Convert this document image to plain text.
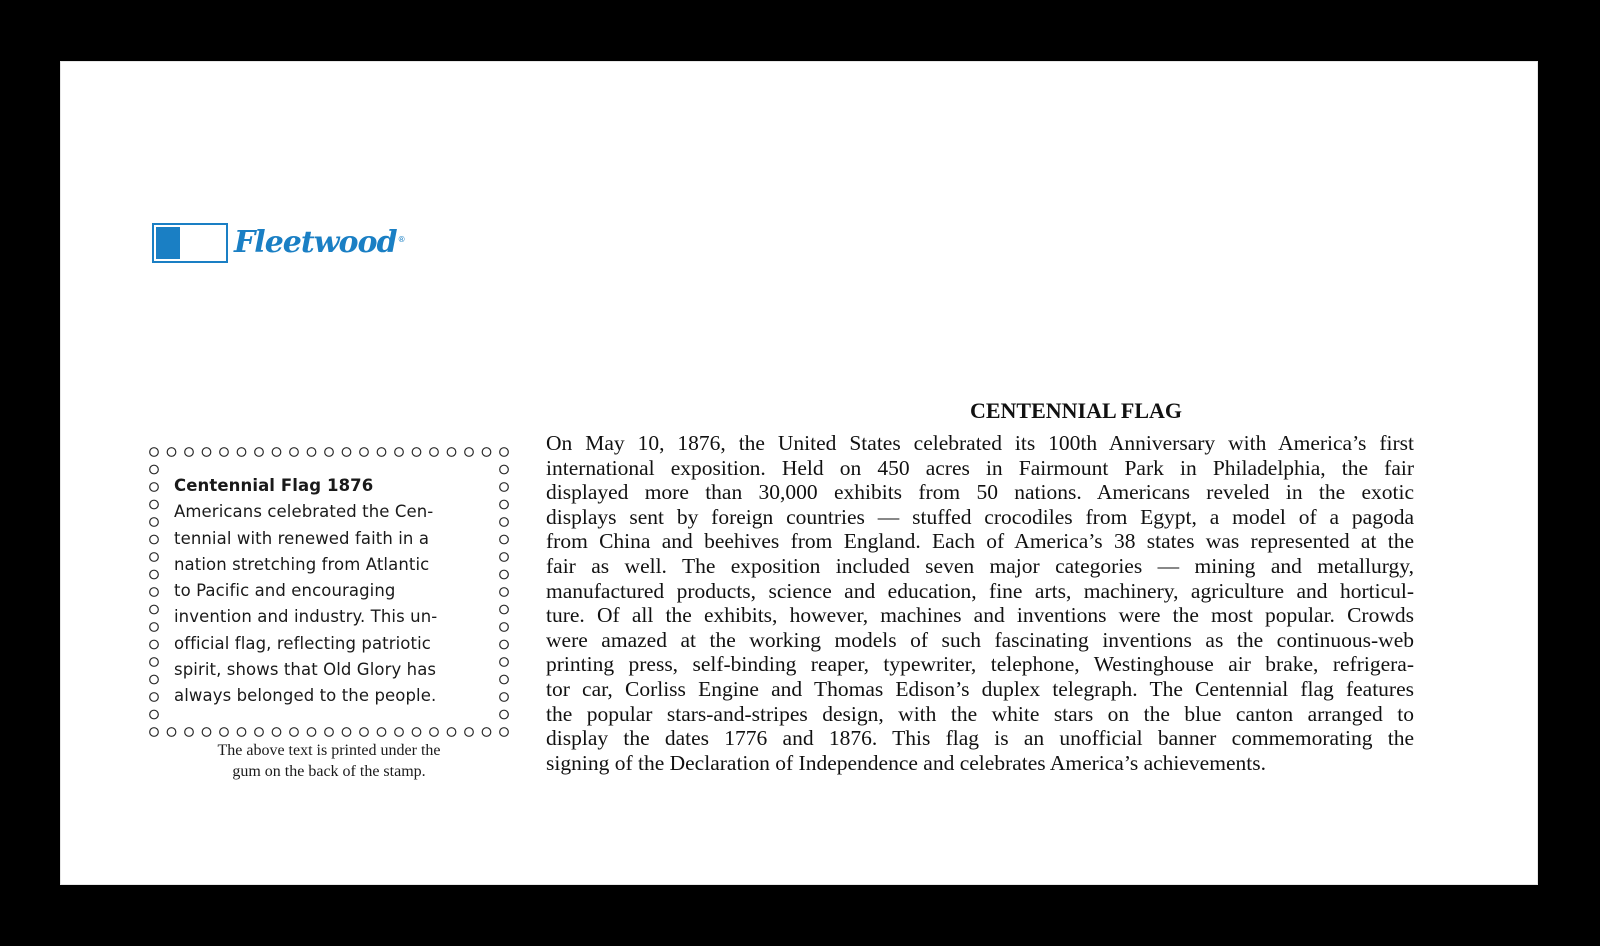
Fleetwood ®
Centennial Flag 1876
Americans celebrated the Cen-
tennial with renewed faith in a
nation stretching from Atlantic
to Pacific and encouraging
invention and industry. This un-
official flag, reflecting patriotic
spirit, shows that Old Glory has
always belonged to the people.
The above text is printed under the
gum on the back of the stamp.
CENTENNIAL FLAG
On May 10, 1876, the United States celebrated its 100th Anniversary with America’s first
international exposition. Held on 450 acres in Fairmount Park in Philadelphia, the fair
displayed more than 30,000 exhibits from 50 nations. Americans reveled in the exotic
displays sent by foreign countries — stuffed crocodiles from Egypt, a model of a pagoda
from China and beehives from England. Each of America’s 38 states was represented at the
fair as well. The exposition included seven major categories — mining and metallurgy,
manufactured products, science and education, fine arts, machinery, agriculture and horticul-
ture. Of all the exhibits, however, machines and inventions were the most popular. Crowds
were amazed at the working models of such fascinating inventions as the continuous-web
printing press, self-binding reaper, typewriter, telephone, Westinghouse air brake, refrigera-
tor car, Corliss Engine and Thomas Edison’s duplex telegraph. The Centennial flag features
the popular stars-and-stripes design, with the white stars on the blue canton arranged to
display the dates 1776 and 1876. This flag is an unofficial banner commemorating the
signing of the Declaration of Independence and celebrates America’s achievements.
